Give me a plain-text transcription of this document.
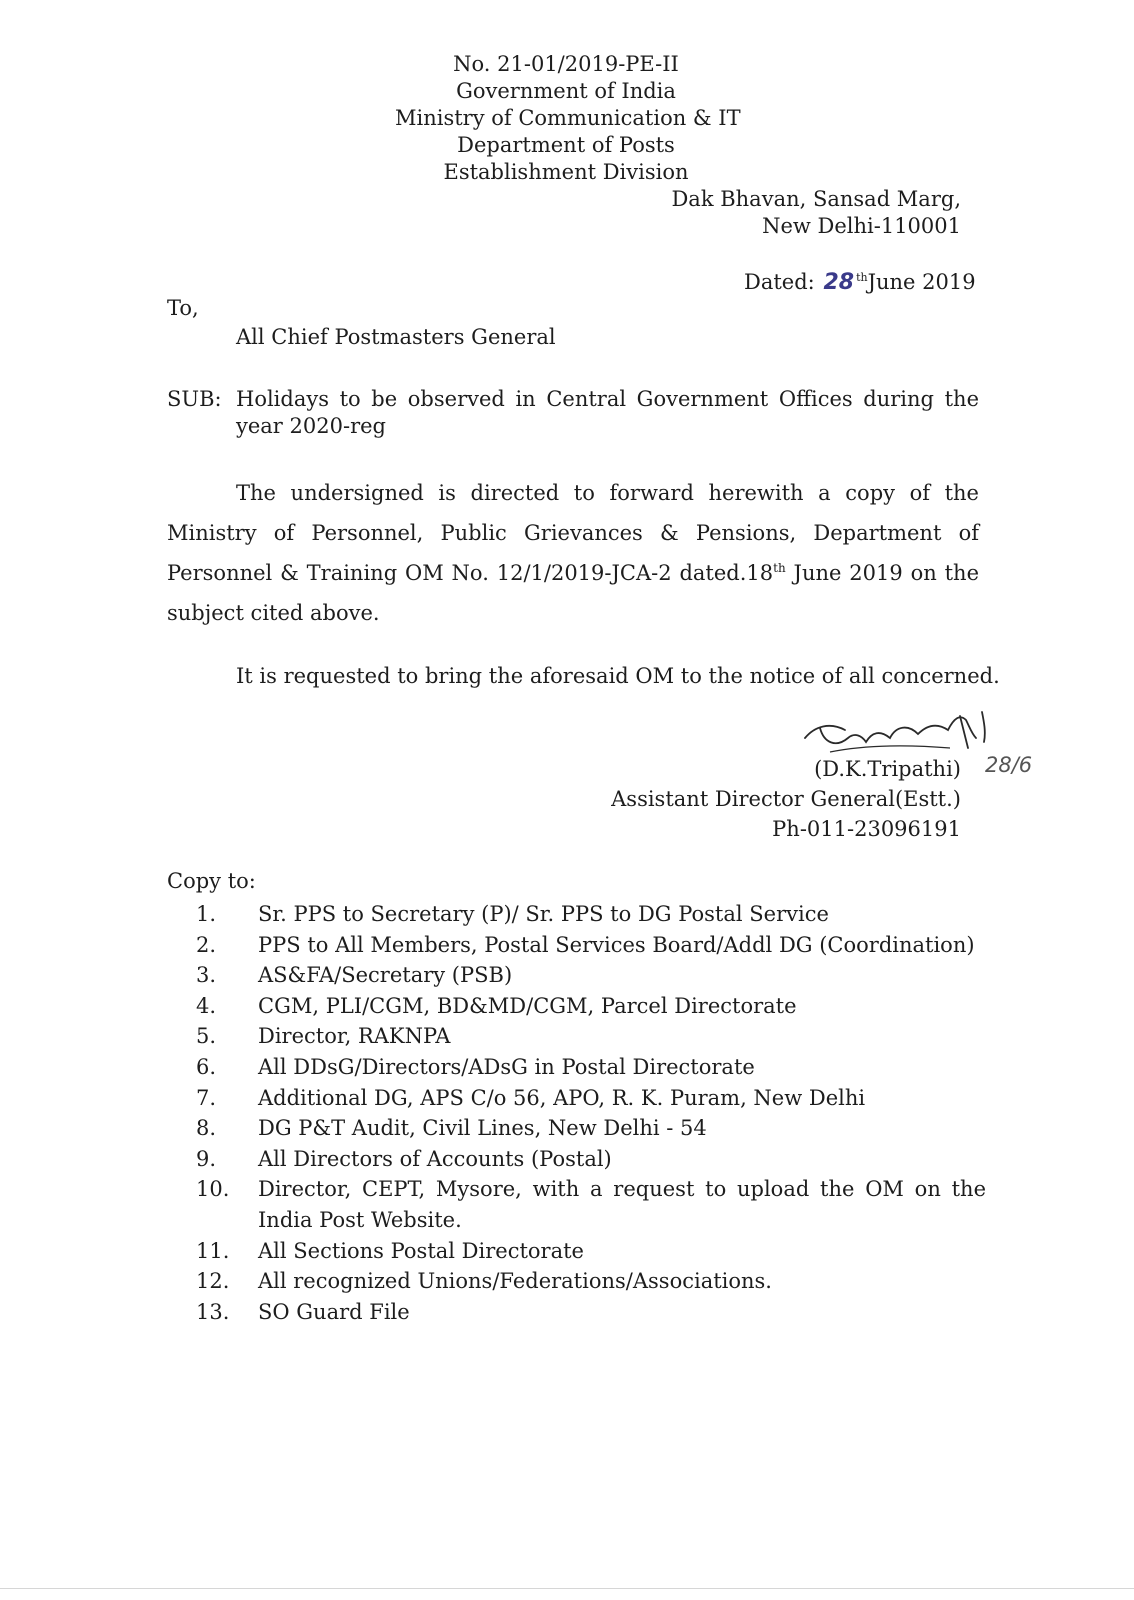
No. 21-01/2019-PE-II
Government of India
Ministry of Communication & IT
Department of Posts
Establishment Division
Dak Bhavan, Sansad Marg,
New Delhi-110001
Dated: 28 $^{th}$June 2019
To,
All Chief Postmasters General
SUB: Holidays to be observed in Central Government Offices during the year 2020-reg
The undersigned is directed to forward herewith a copy of the Ministry of Personnel, Public Grievances & Pensions, Department of Personnel & Training OM No. 12/1/2019-JCA-2 dated.18th June 2019 on the subject cited above.
It is requested to bring the aforesaid OM to the notice of all concerned.
(D.K.Tripathi) 28/6
Assistant Director General(Estt.)
Ph-011-23096191
Copy to:
1.	Sr. PPS to Secretary (P)/ Sr. PPS to DG Postal Service
2.	PPS to All Members, Postal Services Board/Addl DG (Coordination)
3.	AS&FA/Secretary (PSB)
4.	CGM, PLI/CGM, BD&MD/CGM, Parcel Directorate
5.	Director, RAKNPA
6.	All DDsG/Directors/ADsG in Postal Directorate
7.	Additional DG, APS C/o 56, APO, R. K. Puram, New Delhi
8.	DG P&T Audit, Civil Lines, New Delhi - 54
9.	All Directors of Accounts (Postal)
10. Director, CEPT, Mysore, with a request to upload the OM on the India Post Website.
11. All Sections Postal Directorate
12. All recognized Unions/Federations/Associations.
13. SO Guard File
